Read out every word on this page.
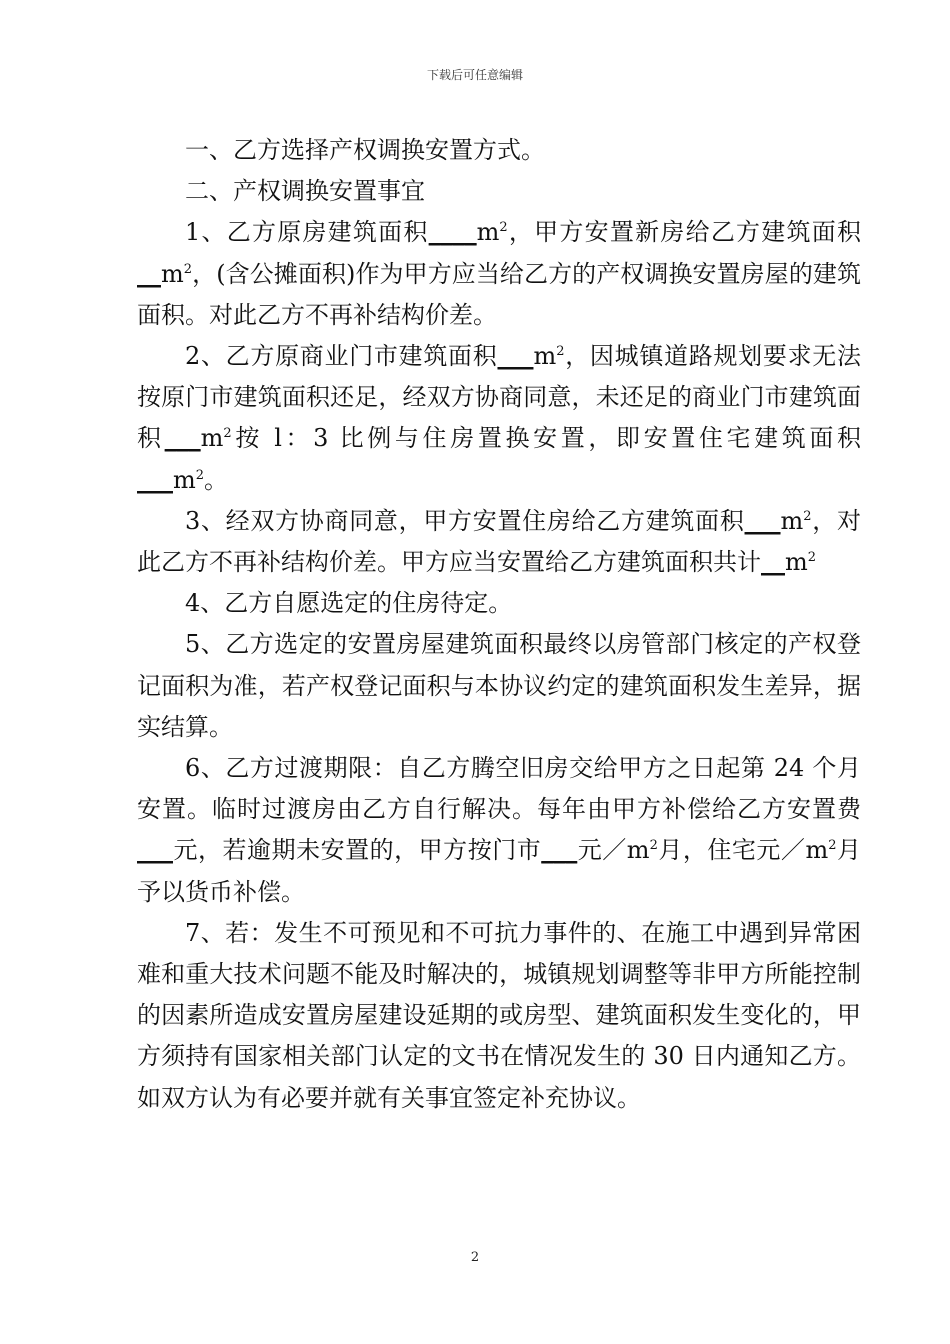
下载后可任意编辑

一、乙方选择产权调换安置方式。

二、产权调换安置事宜

1、乙方原房建筑面积$\_\_\_\_m^2$，甲方安置新房给乙方建筑面积$\_\_m^2$，(含公摊面积)作为甲方应当给乙方的产权调换安置房屋的建筑面积。对此乙方不再补结构价差。

2、乙方原商业门市建筑面积$\_\_\_m^2$，因城镇道路规划要求无法按原门市建筑面积还足，经双方协商同意，未还足的商业门市建筑面积$\_\_\_m^2$按 l：3 比例与住房置换安置，即安置住宅建筑面积$\_\_\_m^2$。

3、经双方协商同意，甲方安置住房给乙方建筑面积$\_\_\_m^2$，对此乙方不再补结构价差。甲方应当安置给乙方建筑面积共计$\_\_m^2$

4、乙方自愿选定的住房待定。

5、乙方选定的安置房屋建筑面积最终以房管部门核定的产权登记面积为准，若产权登记面积与本协议约定的建筑面积发生差异，据实结算。

6、乙方过渡期限：自乙方腾空旧房交给甲方之日起第 24 个月安置。临时过渡房由乙方自行解决。每年由甲方补偿给乙方安置费___元，若逾期未安置的，甲方按门市___元$/m^2$月，住宅元$/m^2$月予以货币补偿。

7、若：发生不可预见和不可抗力事件的、在施工中遇到异常困难和重大技术问题不能及时解决的，城镇规划调整等非甲方所能控制的因素所造成安置房屋建设延期的或房型、建筑面积发生变化的，甲方须持有国家相关部门认定的文书在情况发生的 30 日内通知乙方。如双方认为有必要并就有关事宜签定补充协议。

2
